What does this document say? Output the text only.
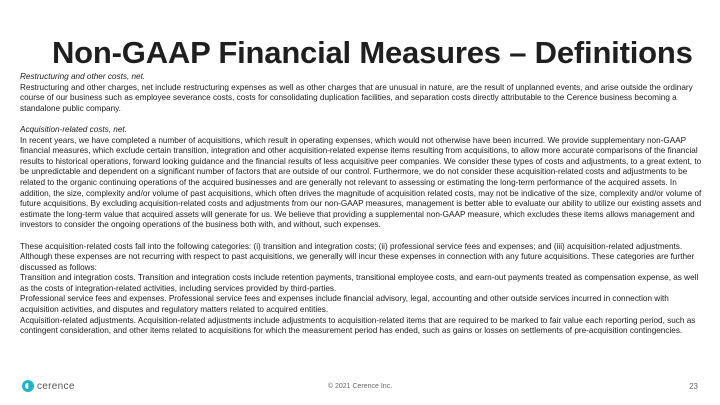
Non-GAAP Financial Measures – Definitions

Restructuring and other costs, net.

Restructuring and other charges, net include restructuring expenses as well as other charges that are unusual in nature, are the result of unplanned events, and arise outside the ordinary course of our business such as employee severance costs, costs for consolidating duplication facilities, and separation costs directly attributable to the Cerence business becoming a standalone public company.

Acquisition-related costs, net.

In recent years, we have completed a number of acquisitions, which result in operating expenses, which would not otherwise have been incurred. We provide supplementary non-GAAP financial measures, which exclude certain transition, integration and other acquisition-related expense items resulting from acquisitions, to allow more accurate comparisons of the financial results to historical operations, forward looking guidance and the financial results of less acquisitive peer companies. We consider these types of costs and adjustments, to a great extent, to be unpredictable and dependent on a significant number of factors that are outside of our control. Furthermore, we do not consider these acquisition-related costs and adjustments to be related to the organic continuing operations of the acquired businesses and are generally not relevant to assessing or estimating the long-term performance of the acquired assets. In addition, the size, complexity and/or volume of past acquisitions, which often drives the magnitude of acquisition related costs, may not be indicative of the size, complexity and/or volume of future acquisitions. By excluding acquisition-related costs and adjustments from our non-GAAP measures, management is better able to evaluate our ability to utilize our existing assets and estimate the long-term value that acquired assets will generate for us. We believe that providing a supplemental non-GAAP measure, which excludes these items allows management and investors to consider the ongoing operations of the business both with, and without, such expenses.

These acquisition-related costs fall into the following categories: (i) transition and integration costs; (ii) professional service fees and expenses; and (iii) acquisition-related adjustments. Although these expenses are not recurring with respect to past acquisitions, we generally will incur these expenses in connection with any future acquisitions. These categories are further discussed as follows:

Transition and integration costs. Transition and integration costs include retention payments, transitional employee costs, and earn-out payments treated as compensation expense, as well as the costs of integration-related activities, including services provided by third-parties.

Professional service fees and expenses. Professional service fees and expenses include financial advisory, legal, accounting and other outside services incurred in connection with acquisition activities, and disputes and regulatory matters related to acquired entities.

Acquisition-related adjustments. Acquisition-related adjustments include adjustments to acquisition-related items that are required to be marked to fair value each reporting period, such as contingent consideration, and other items related to acquisitions for which the measurement period has ended, such as gains or losses on settlements of pre-acquisition contingencies.

cerence	© 2021 Cerence Inc.	23
